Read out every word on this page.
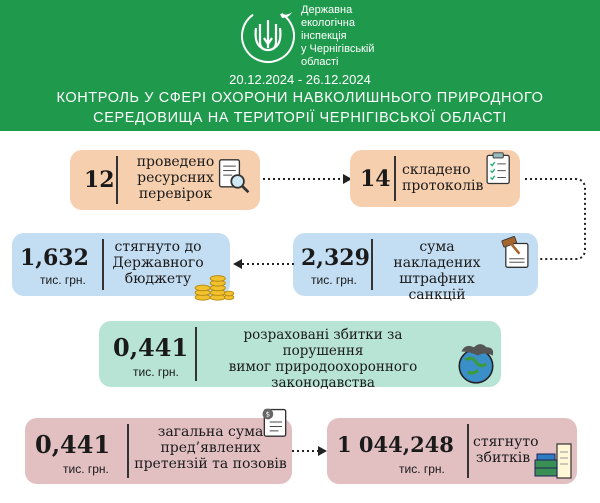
Державна
екологічна
інспекція
у Чернігівській
області
20.12.2024 - 26.12.2024
КОНТРОЛЬ У СФЕРІ ОХОРОНИ НАВКОЛИШНЬОГО ПРИРОДНОГО
СЕРЕДОВИЩА НА ТЕРИТОРІЇ ЧЕРНІГІВСЬКОЇ ОБЛАСТІ
12
проведено
ресурсних
перевірок
14 складено
протоколів
2,329
тис. грн.
сума
накладених
штрафних санкцій
1,632
тис. грн.
стягнуто до
Державного
бюджету
0,441
тис. грн.
розраховані збитки за порушення
вимог природоохоронного
законодавства
0,441
тис. грн.
загальна сума
пред’явлених
претензій та позовів
$
1 044,248
тис. грн.
стягнуто
збитків
